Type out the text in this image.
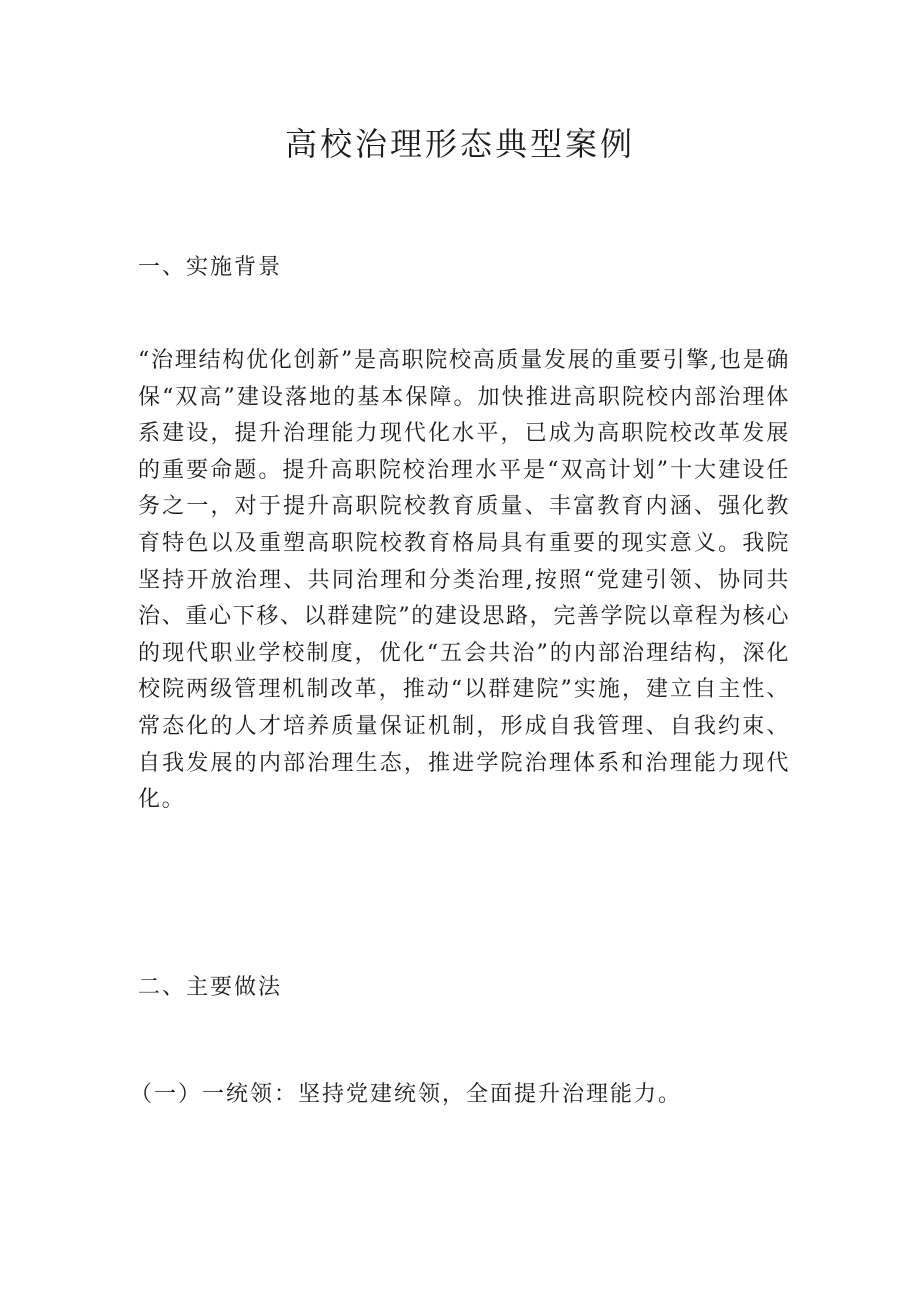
高校治理形态典型案例
一、实施背景

“治理结构优化创新”是高职院校高质量发展的重要引擎,也是确保“双高”建设落地的基本保障。加快推进高职院校内部治理体系建设，提升治理能力现代化水平，已成为高职院校改革发展的重要命题。提升高职院校治理水平是“双高计划”十大建设任务之一，对于提升高职院校教育质量、丰富教育内涵、强化教育特色以及重塑高职院校教育格局具有重要的现实意义。我院坚持开放治理、共同治理和分类治理,按照“党建引领、协同共治、重心下移、以群建院”的建设思路，完善学院以章程为核心的现代职业学校制度，优化“五会共治”的内部治理结构，深化校院两级管理机制改革，推动“以群建院”实施，建立自主性、常态化的人才培养质量保证机制，形成自我管理、自我约束、自我发展的内部治理生态，推进学院治理体系和治理能力现代化。

二、主要做法
（一）一统领：坚持党建统领，全面提升治理能力。
